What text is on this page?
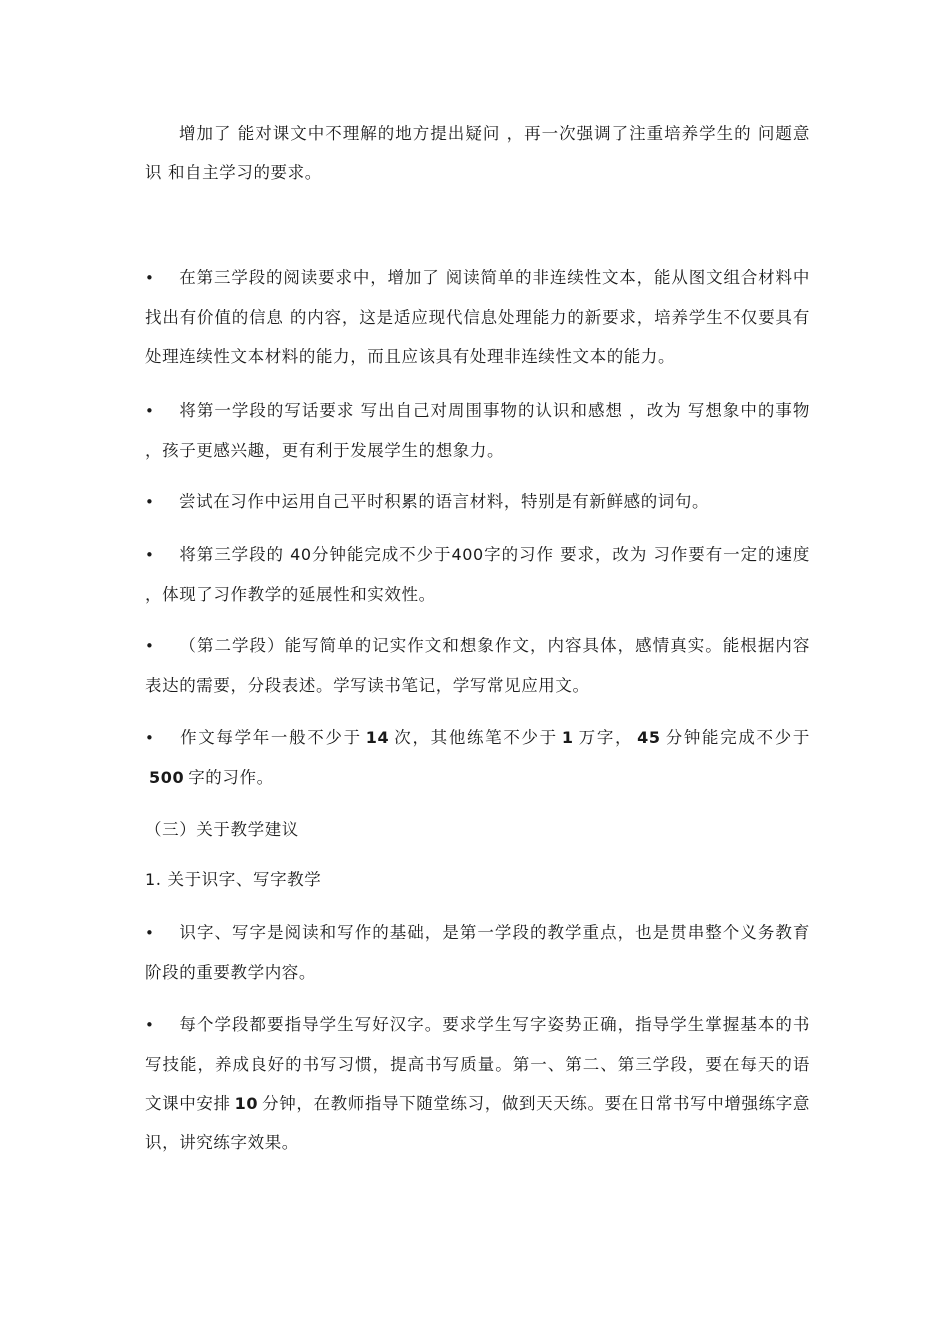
增加了 能对课文中不理解的地方提出疑问 ，再一次强调了注重培养学生的 问题意识 和自主学习的要求。
• 在第三学段的阅读要求中，增加了 阅读简单的非连续性文本，能从图文组合材料中找出有价值的信息 的内容，这是适应现代信息处理能力的新要求，培养学生不仅要具有处理连续性文本材料的能力，而且应该具有处理非连续性文本的能力。
• 将第一学段的写话要求 写出自己对周围事物的认识和感想 ，改为 写想象中的事物 ，孩子更感兴趣，更有利于发展学生的想象力。
• 尝试在习作中运用自己平时积累的语言材料，特别是有新鲜感的词句。
• 将第三学段的 40分钟能完成不少于400字的习作 要求，改为 习作要有一定的速度 ，体现了习作教学的延展性和实效性。
• （第二学段）能写简单的记实作文和想象作文，内容具体，感情真实。能根据内容表达的需要，分段表述。学写读书笔记，学写常见应用文。
• 作文每学年一般不少于 14 次，其他练笔不少于 1 万字， 45 分钟能完成不少于500 字的习作。
（三）关于教学建议
1. 关于识字、写字教学
• 识字、写字是阅读和写作的基础，是第一学段的教学重点，也是贯串整个义务教育阶段的重要教学内容。
• 每个学段都要指导学生写好汉字。要求学生写字姿势正确，指导学生掌握基本的书写技能，养成良好的书写习惯，提高书写质量。第一、第二、第三学段，要在每天的语文课中安排 10 分钟，在教师指导下随堂练习，做到天天练。要在日常书写中增强练字意识，讲究练字效果。
